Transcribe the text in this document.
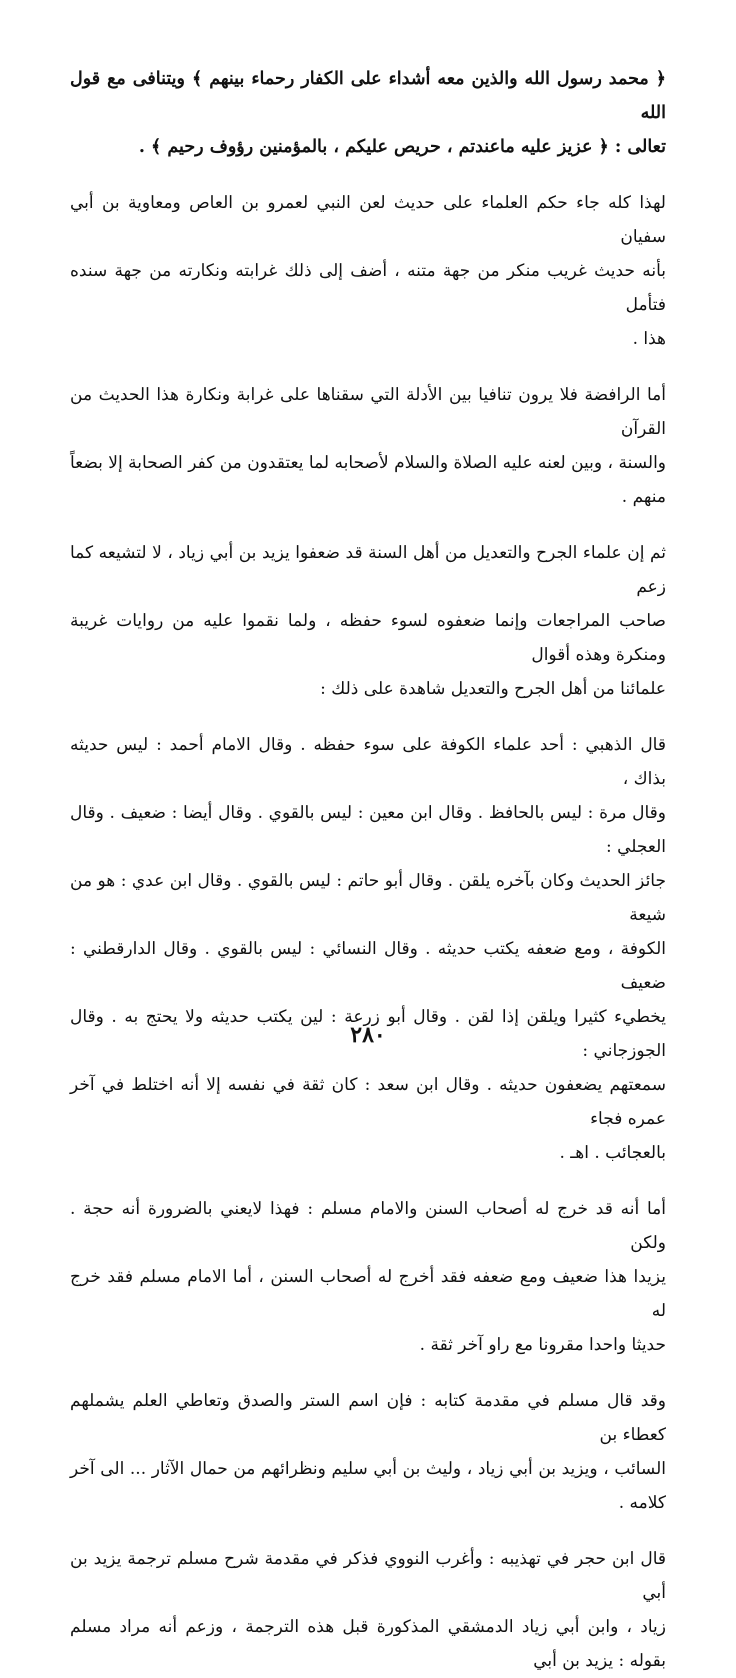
﴿ محمد رسول الله والذين معه أشداء على الكفار رحماء بينهم ﴾ ويتنافى مع قول الله
تعالى : ﴿ عزيز عليه ماعندتم ، حريص عليكم ، بالمؤمنين رؤوف رحيم ﴾ .

لهذا كله جاء حكم العلماء على حديث لعن النبي لعمرو بن العاص ومعاوية بن أبي سفيان
بأنه حديث غريب منكر من جهة متنه ، أضف إلى ذلك غرابته ونكارته من جهة سنده فتأمل
هذا .

أما الرافضة فلا يرون تنافيا بين الأدلة التي سقناها على غرابة ونكارة هذا الحديث من القرآن
والسنة ، وبين لعنه عليه الصلاة والسلام لأصحابه لما يعتقدون من كفر الصحابة إلا بضعاً منهم .

ثم إن علماء الجرح والتعديل من أهل السنة قد ضعفوا يزيد بن أبي زياد ، لا لتشيعه كما زعم
صاحب المراجعات وإنما ضعفوه لسوء حفظه ، ولما نقموا عليه من روايات غريبة ومنكرة وهذه أقوال
علمائنا من أهل الجرح والتعديل شاهدة على ذلك :

قال الذهبي : أحد علماء الكوفة على سوء حفظه . وقال الامام أحمد : ليس حديثه بذاك ،
وقال مرة : ليس بالحافظ . وقال ابن معين : ليس بالقوي . وقال أيضا : ضعيف . وقال العجلي :
جائز الحديث وكان بآخره يلقن . وقال أبو حاتم : ليس بالقوي . وقال ابن عدي : هو من شيعة
الكوفة ، ومع ضعفه يكتب حديثه . وقال النسائي : ليس بالقوي . وقال الدارقطني : ضعيف
يخطيء كثيرا ويلقن إذا لقن . وقال أبو زرعة : لين يكتب حديثه ولا يحتج به . وقال الجوزجاني :
سمعتهم يضعفون حديثه . وقال ابن سعد : كان ثقة في نفسه إلا أنه اختلط في آخر عمره فجاء
بالعجائب . اهـ .

أما أنه قد خرج له أصحاب السنن والامام مسلم : فهذا لايعني بالضرورة أنه حجة . ولكن
يزيدا هذا ضعيف ومع ضعفه فقد أخرج له أصحاب السنن ، أما الامام مسلم فقد خرج له
حديثا واحدا مقرونا مع راو آخر ثقة .

وقد قال مسلم في مقدمة كتابه : فإن اسم الستر والصدق وتعاطي العلم يشملهم كعطاء بن
السائب ، ويزيد بن أبي زياد ، وليث بن أبي سليم ونظرائهم من حمال الآثار ... الى آخر كلامه .

قال ابن حجر في تهذيبه : وأغرب النووي فذكر في مقدمة شرح مسلم ترجمة يزيد بن أبي
زياد ، وابن أبي زياد الدمشقي المذكورة قبل هذه الترجمة ، وزعم أنه مراد مسلم بقوله : يزيد بن أبي

٢٨٠
